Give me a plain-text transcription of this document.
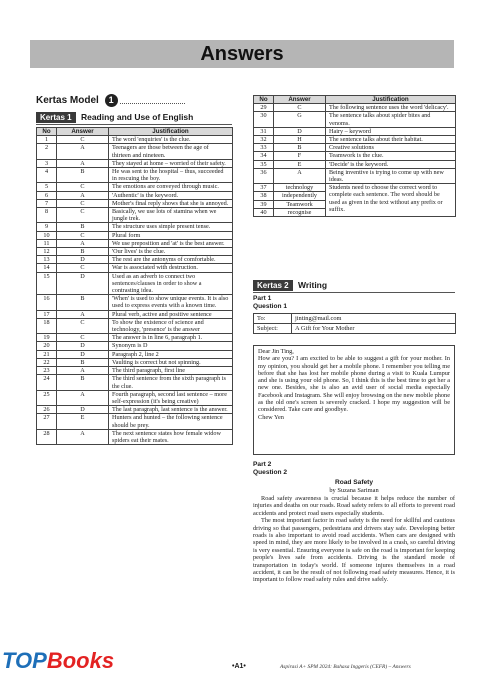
Answers
Kertas Model 1
Kertas 1 Reading and Use of English
No	Answer	Justification
1	C	The word 'enquiries' is the clue.
2	A	Teenagers are those between the age of thirteen and nineteen.
3	A	They stayed at home – worried of their safety.
4	B	He was sent to the hospital – thus, succeeded in rescuing the boy.
5	C	The emotions are conveyed through music.
6	A	'Authentic' is the keyword.
7	C	Mother's final reply shows that she is annoyed.
8	C	Basically, we use lots of stamina when we jungle trek.
9	B	The structure uses simple present tense.
10	C	Plural form
11	A	We use preposition and 'at' is the best answer.
12	B	'Our lives' is the clue.
13	D	The rest are the antonyms of comfortable.
14	C	War is associated with destruction.
15	D	Used as an adverb to connect two sentences/clauses in order to show a contrasting idea.
16	B	'When' is used to show unique events. It is also used to express events with a known time.
17	A	Plural verb, active and positive sentence
18	C	To show the existence of science and technology, 'presence' is the answer
19	C	The answer is in line 6, paragraph 1.
20	D	Synonym is D
21	D	Paragraph 2, line 2
22	B	Vaulting is correct but not spinning.
23	A	The third paragraph, first line
24	B	The third sentence from the sixth paragraph is the clue.
25	A	Fourth paragraph, second last sentence – more self-expression (it's being creative)
26	D	The last paragraph, last sentence is the answer.
27	E	Hunters and hunted – the following sentence should be prey.
28	A	The next sentence states how female widow spiders eat their mates.
No	Answer	Justification
29	C	The following sentence uses the word 'delicacy'.
30	G	The sentence talks about spider bites and venoms.
31	D	Hairy – keyword
32	H	The sentence talks about their habitat.
33	B	Creative solutions
34	F	Teamwork is the clue.
35	E	'Decide' is the keyword.
36	A	Being inventive is trying to come up with new ideas.
37	technology	Students need to choose the correct word to complete each sentence. The word should be used as given in the text without any prefix or suffix.
38	independently	
39	Teamwork	
40	recognise	
Kertas 2 Writing
Part 1
Question 1
To:	jinting@mail.com
Subject:	A Gift for Your Mother

Dear Jin Ting,

How are you? I am excited to be able to suggest a gift for your mother. In my opinion, you should get her a mobile phone. I remember you telling me before that she has lost her mobile phone during a visit to Kuala Lumpur and she is using your old phone. So, I think this is the best time to get her a new one. Besides, she is also an avid user of social media especially Facebook and Instagram. She will enjoy browsing on the new mobile phone as the old one's screen is severely cracked. I hope my suggestion will be considered. Take care and goodbye.

Chew Yen

Part 2
Question 2
Road Safety
by Suzana Sariman

Road safety awareness is crucial because it helps reduce the number of injuries and deaths on our roads. Road safety refers to all efforts to prevent road accidents and protect road users especially students.

The most important factor in road safety is the need for skillful and cautious driving so that passengers, pedestrians and drivers stay safe. Developing better roads is also important to avoid road accidents. When cars are designed with speed in mind, they are more likely to be involved in a crash, so careful driving is very essential. Ensuring everyone is safe on the road is important for keeping people's lives safe from accidents. Driving is the standard mode of transportation in today's world. If someone injures themselves in a road accident, it can be the result of not following road safety measures. Hence, it is important to follow road safety rules and drive safely.

TOPBooks	•A1•	Aspirasi A+ SPM 2024: Bahasa Inggeris (CEFR) – Answers
